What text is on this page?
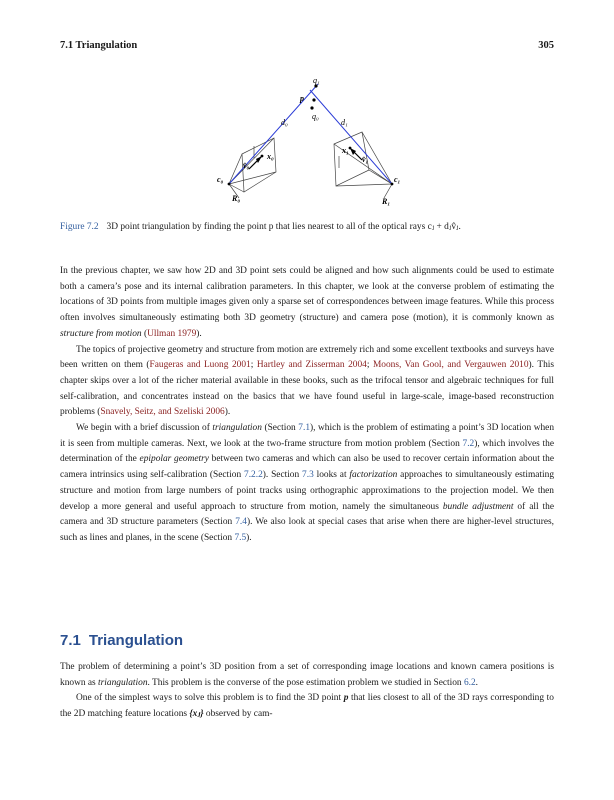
7.1 Triangulation	305
q₁
p
q₀
d₀	d₁
x₀
x₁
v̂₀
v̂₁
c₀	c₁
R₀	R₁
Figure 7.2 3D point triangulation by finding the point p that lies nearest to all of the optical rays cⱼ + dⱼv̂ⱼ.

In the previous chapter, we saw how 2D and 3D point sets could be aligned and how such alignments could be used to estimate both a camera’s pose and its internal calibration parameters. In this chapter, we look at the converse problem of estimating the locations of 3D points from multiple images given only a sparse set of correspondences between image features. While this process often involves simultaneously estimating both 3D geometry (structure) and camera pose (motion), it is commonly known as structure from motion (Ullman 1979).

The topics of projective geometry and structure from motion are extremely rich and some excellent textbooks and surveys have been written on them (Faugeras and Luong 2001; Hartley and Zisserman 2004; Moons, Van Gool, and Vergauwen 2010). This chapter skips over a lot of the richer material available in these books, such as the trifocal tensor and algebraic techniques for full self-calibration, and concentrates instead on the basics that we have found useful in large-scale, image-based reconstruction problems (Snavely, Seitz, and Szeliski 2006).

We begin with a brief discussion of triangulation (Section 7.1), which is the problem of estimating a point’s 3D location when it is seen from multiple cameras. Next, we look at the two-frame structure from motion problem (Section 7.2), which involves the determination of the epipolar geometry between two cameras and which can also be used to recover certain information about the camera intrinsics using self-calibration (Section 7.2.2). Section 7.3 looks at factorization approaches to simultaneously estimating structure and motion from large numbers of point tracks using orthographic approximations to the projection model. We then develop a more general and useful approach to structure from motion, namely the simultaneous bundle adjustment of all the camera and 3D structure parameters (Section 7.4). We also look at special cases that arise when there are higher-level structures, such as lines and planes, in the scene (Section 7.5).

7.1 Triangulation

The problem of determining a point’s 3D position from a set of corresponding image locations and known camera positions is known as triangulation. This problem is the converse of the pose estimation problem we studied in Section 6.2.

One of the simplest ways to solve this problem is to find the 3D point p that lies closest to all of the 3D rays corresponding to the 2D matching feature locations {xⱼ} observed by cam-
